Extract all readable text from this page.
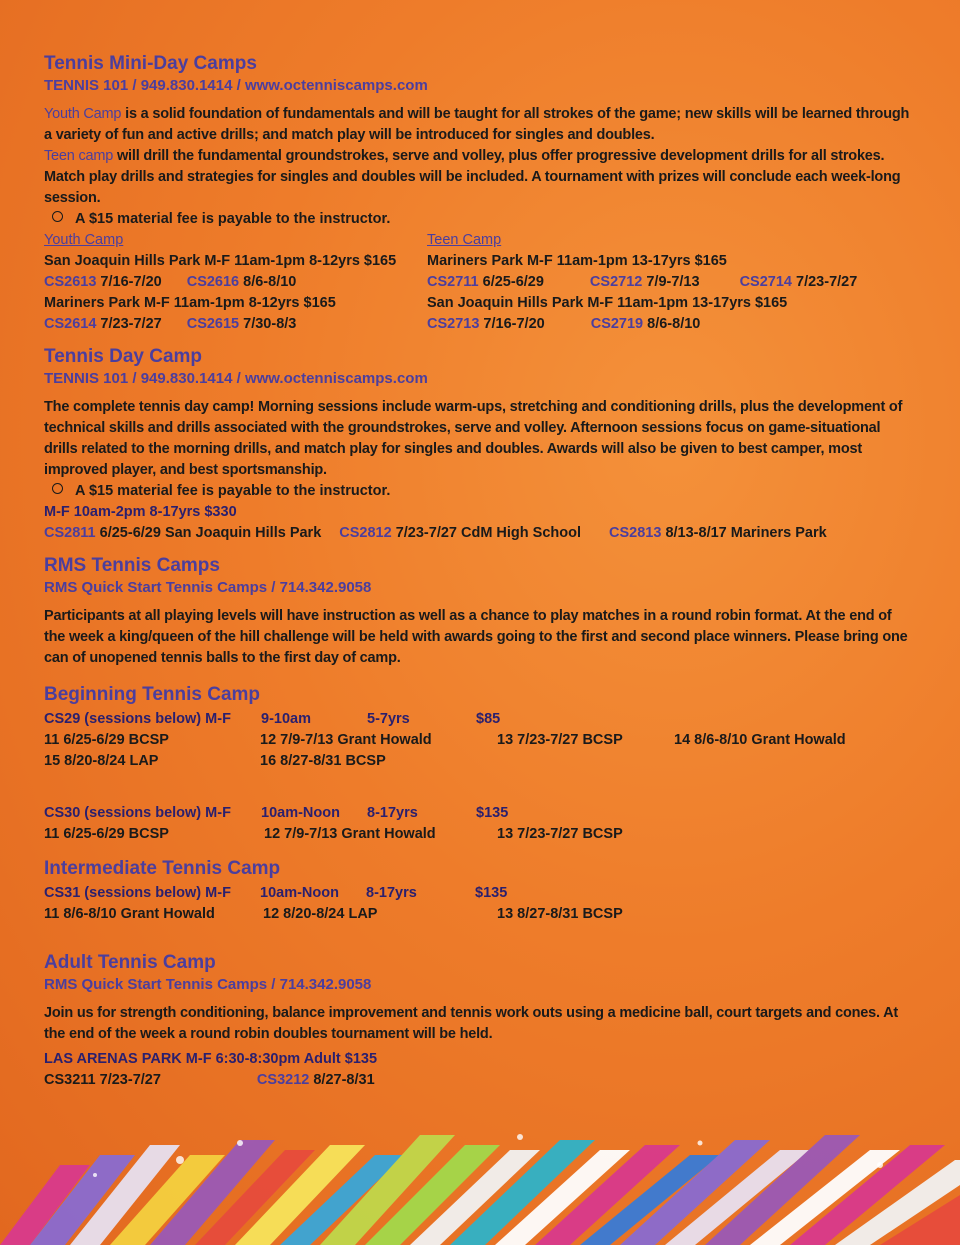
Tennis Mini-Day Camps
TENNIS 101 / 949.830.1414 / www.octenniscamps.com
Youth Camp is a solid foundation of fundamentals and will be taught for all strokes of the game; new skills will be learned through a variety of fun and active drills; and match play will be introduced for singles and doubles.
Teen camp will drill the fundamental groundstrokes, serve and volley, plus offer progressive development drills for all strokes. Match play drills and strategies for singles and doubles will be included. A tournament with prizes will conclude each week-long session.
A $15 material fee is payable to the instructor.
Youth Camp
San Joaquin Hills Park M-F 11am-1pm 8-12yrs $165
CS2613 7/16-7/20 CS2616 8/6-8/10
Mariners Park M-F 11am-1pm 8-12yrs $165
CS2614 7/23-7/27 CS2615 7/30-8/3
Teen Camp
Mariners Park M-F 11am-1pm 13-17yrs $165
CS2711 6/25-6/29	CS2712 7/9-7/13	CS2714 7/23-7/27
San Joaquin Hills Park M-F 11am-1pm 13-17yrs $165
CS2713 7/16-7/20	CS2719 8/6-8/10
Tennis Day Camp
TENNIS 101 / 949.830.1414 / www.octenniscamps.com
The complete tennis day camp! Morning sessions include warm-ups, stretching and conditioning drills, plus the development of technical skills and drills associated with the groundstrokes, serve and volley. Afternoon sessions focus on game-situational drills related to the morning drills, and match play for singles and doubles. Awards will also be given to best camper, most improved player, and best sportsmanship.
A $15 material fee is payable to the instructor.
M-F 10am-2pm 8-17yrs $330
CS2811 6/25-6/29 San Joaquin Hills Park CS2812 7/23-7/27 CdM High School CS2813 8/13-8/17 Mariners Park
RMS Tennis Camps
RMS Quick Start Tennis Camps / 714.342.9058
Participants at all playing levels will have instruction as well as a chance to play matches in a round robin format. At the end of the week a king/queen of the hill challenge will be held with awards going to the first and second place winners. Please bring one can of unopened tennis balls to the first day of camp.
Beginning Tennis Camp
CS29 (sessions below) M-F 9-10am	5-7yrs	$85
11 6/25-6/29 BCSP	12 7/9-7/13 Grant Howald	13 7/23-7/27 BCSP	14 8/6-8/10 Grant Howald
15 8/20-8/24 LAP	16 8/27-8/31 BCSP
CS30 (sessions below) M-F 10am-Noon 8-17yrs	$135
11 6/25-6/29 BCSP	12 7/9-7/13 Grant Howald	13 7/23-7/27 BCSP
Intermediate Tennis Camp
CS31 (sessions below) M-F 10am-Noon 8-17yrs	$135
11 8/6-8/10 Grant Howald	12 8/20-8/24 LAP	13 8/27-8/31 BCSP
Adult Tennis Camp
RMS Quick Start Tennis Camps / 714.342.9058
Join us for strength conditioning, balance improvement and tennis work outs using a medicine ball, court targets and cones. At the end of the week a round robin doubles tournament will be held.
LAS ARENAS PARK M-F 6:30-8:30pm Adult $135
CS3211 7/23-7/27	CS3212 8/27-8/31
